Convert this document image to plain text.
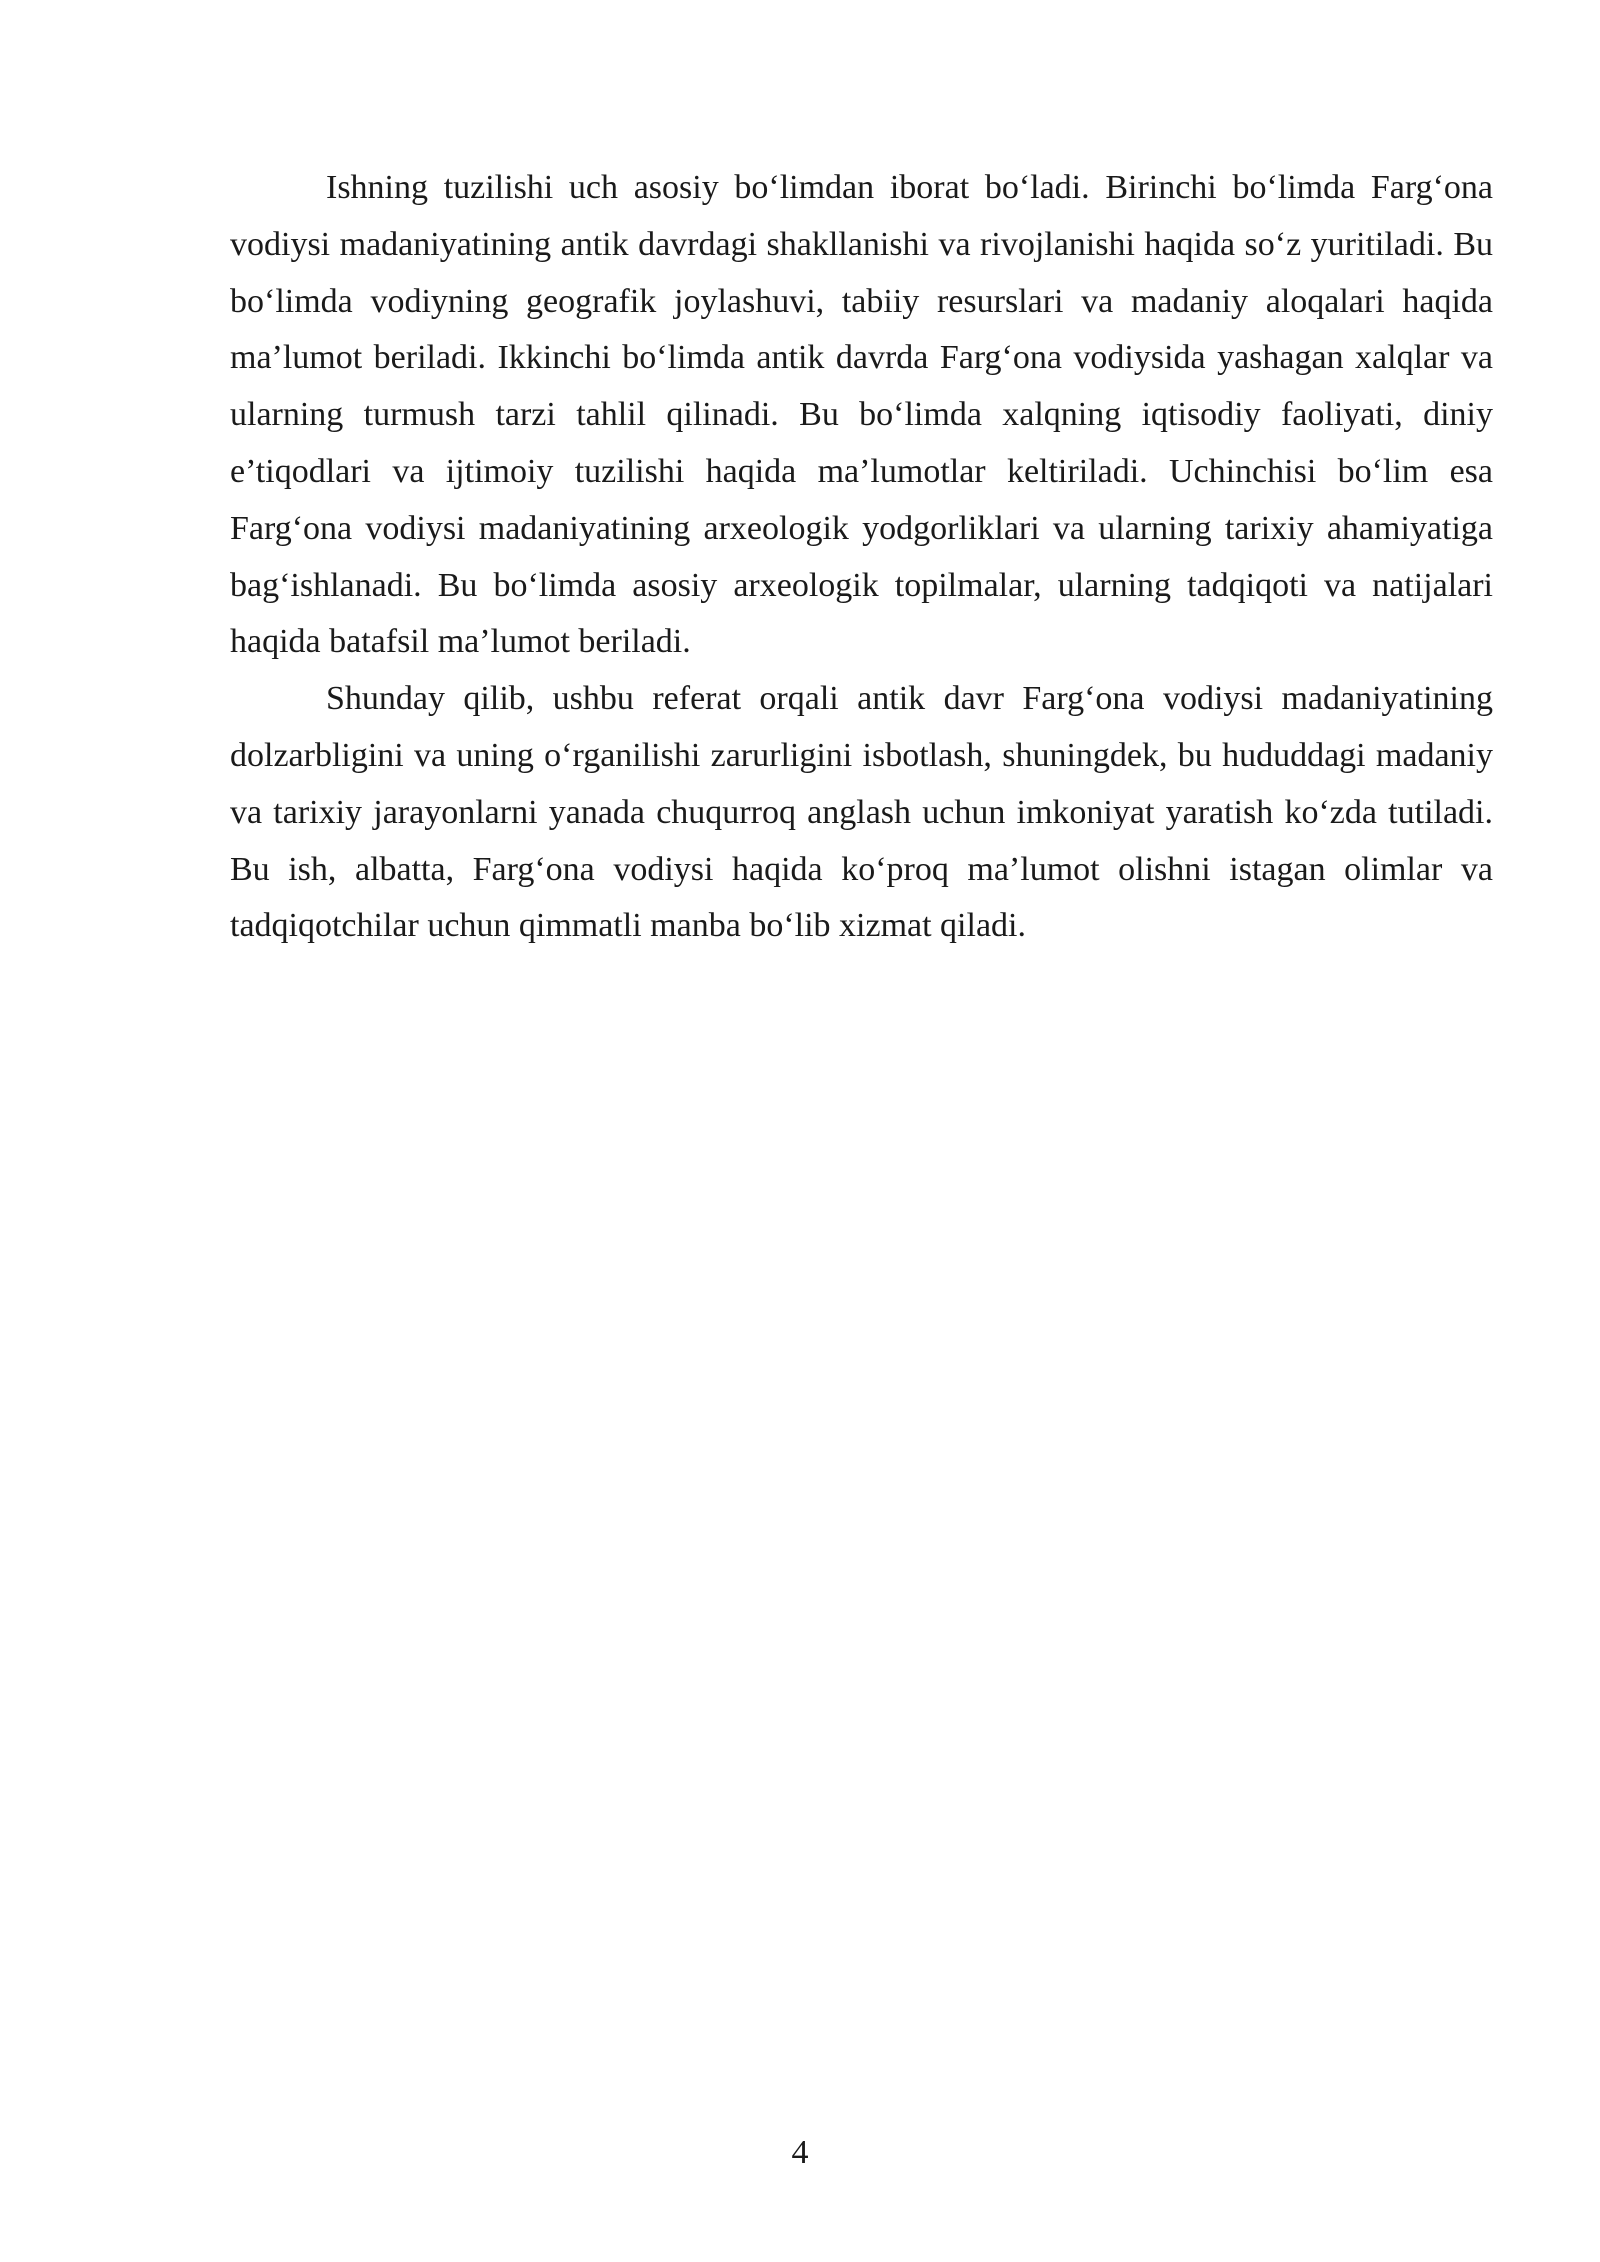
Ishning tuzilishi uch asosiy bo‘limdan iborat bo‘ladi. Birinchi bo‘limda Farg‘ona vodiysi madaniyatining antik davrdagi shakllanishi va rivojlanishi haqida so‘z yuritiladi. Bu bo‘limda vodiyning geografik joylashuvi, tabiiy resurslari va madaniy aloqalari haqida ma’lumot beriladi. Ikkinchi bo‘limda antik davrda Farg‘ona vodiysida yashagan xalqlar va ularning turmush tarzi tahlil qilinadi. Bu bo‘limda xalqning iqtisodiy faoliyati, diniy e’tiqodlari va ijtimoiy tuzilishi haqida ma’lumotlar keltiriladi. Uchinchisi bo‘lim esa Farg‘ona vodiysi madaniyatining arxeologik yodgorliklari va ularning tarixiy ahamiyatiga bag‘ishlanadi. Bu bo‘limda asosiy arxeologik topilmalar, ularning tadqiqoti va natijalari haqida batafsil ma’lumot beriladi.

Shunday qilib, ushbu referat orqali antik davr Farg‘ona vodiysi madaniyatining dolzarbligini va uning o‘rganilishi zarurligini isbotlash, shuningdek, bu hududdagi madaniy va tarixiy jarayonlarni yanada chuqurroq anglash uchun imkoniyat yaratish ko‘zda tutiladi. Bu ish, albatta, Farg‘ona vodiysi haqida ko‘proq ma’lumot olishni istagan olimlar va tadqiqotchilar uchun qimmatli manba bo‘lib xizmat qiladi.

4
